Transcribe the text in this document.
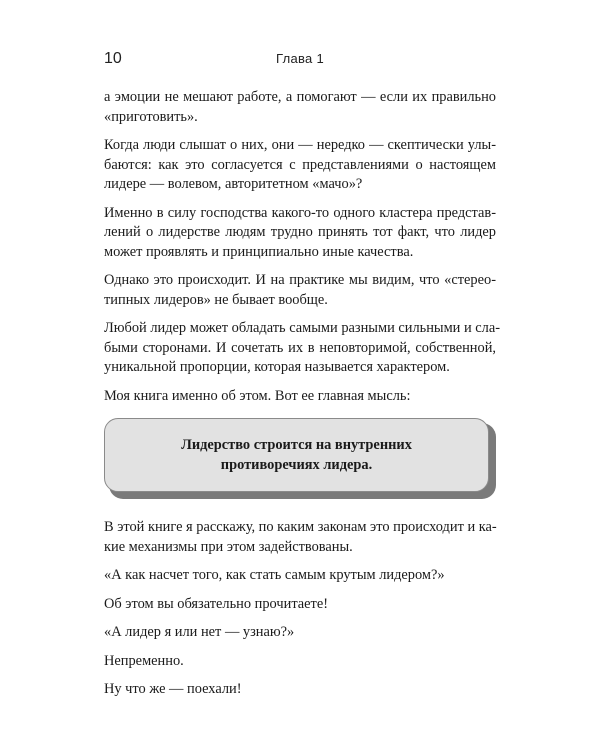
10	Глава 1

а эмоции не мешают работе, а помогают — если их правильно
«приготовить».

Когда люди слышат о них, они — нередко — скептически улы-
баются: как это согласуется с представлениями о настоящем
лидере — волевом, авторитетном «мачо»?

Именно в силу господства какого-то одного кластера представ-
лений о лидерстве людям трудно принять тот факт, что лидер
может проявлять и принципиально иные качества.

Однако это происходит. И на практике мы видим, что «стерео-
типных лидеров» не бывает вообще.

Любой лидер может обладать самыми разными сильными и сла-
быми сторонами. И сочетать их в неповторимой, собственной,
уникальной пропорции, которая называется характером.

Моя книга именно об этом. Вот ее главная мысль:

Лидерство строится на внутренних
противоречиях лидера.

В этой книге я расскажу, по каким законам это происходит и ка-
кие механизмы при этом задействованы.

«А как насчет того, как стать самым крутым лидером?»

Об этом вы обязательно прочитаете!

«А лидер я или нет — узнаю?»

Непременно.

Ну что же — поехали!
